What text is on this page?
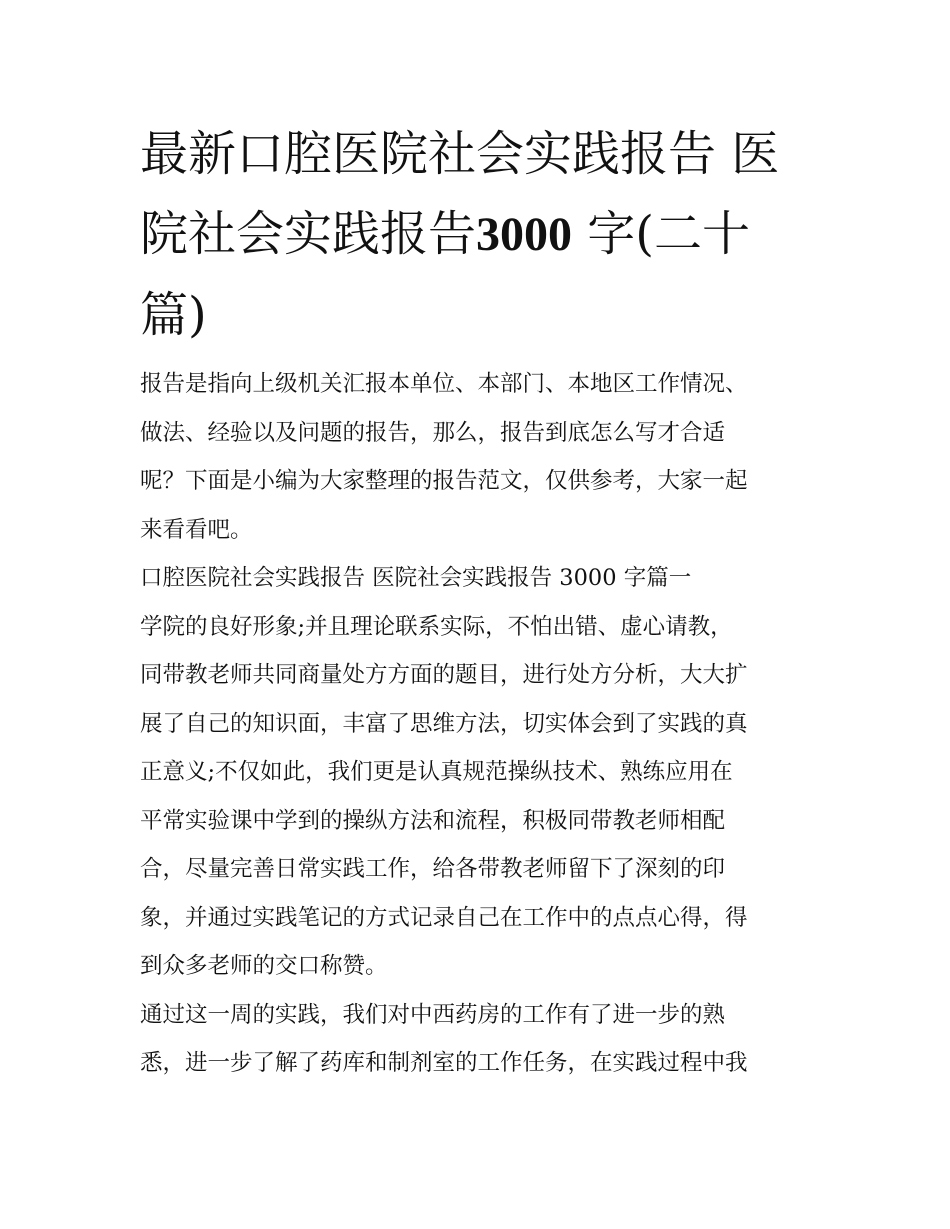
最新口腔医院社会实践报告 医
院社会实践报告3000 字(二十
篇)

报告是指向上级机关汇报本单位、本部门、本地区工作情况、
做法、经验以及问题的报告，那么，报告到底怎么写才合适
呢？下面是小编为大家整理的报告范文，仅供参考，大家一起
来看看吧。

口腔医院社会实践报告 医院社会实践报告 3000 字篇一

学院的良好形象;并且理论联系实际，不怕出错、虚心请教，
同带教老师共同商量处方方面的题目，进行处方分析，大大扩
展了自己的知识面，丰富了思维方法，切实体会到了实践的真
正意义;不仅如此，我们更是认真规范操纵技术、熟练应用在
平常实验课中学到的操纵方法和流程，积极同带教老师相配
合，尽量完善日常实践工作，给各带教老师留下了深刻的印
象，并通过实践笔记的方式记录自己在工作中的点点心得，得
到众多老师的交口称赞。

通过这一周的实践，我们对中西药房的工作有了进一步的熟
悉，进一步了解了药库和制剂室的工作任务，在实践过程中我
